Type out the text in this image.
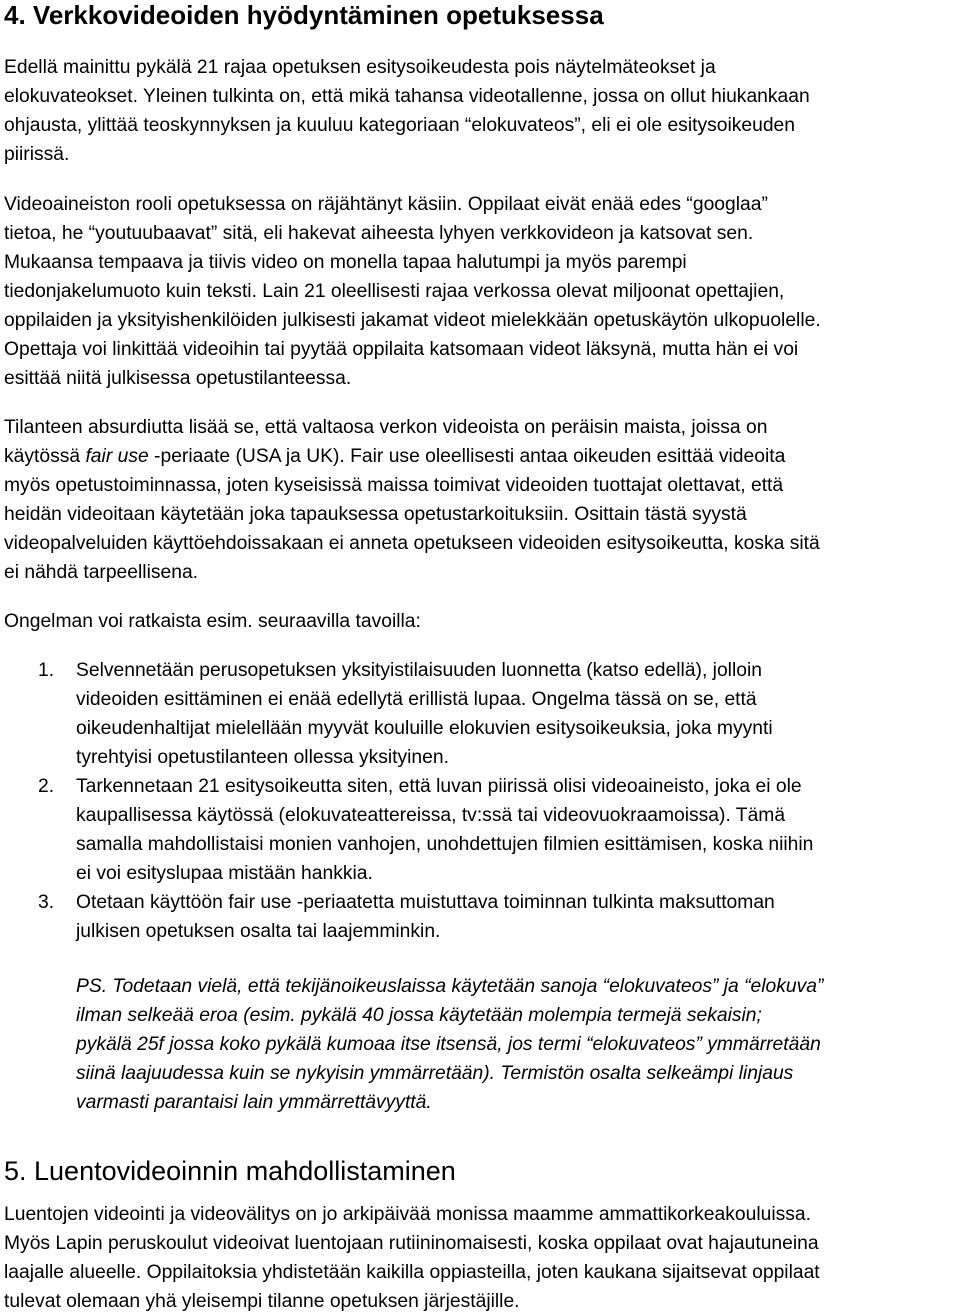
4. Verkkovideoiden hyödyntäminen opetuksessa
Edellä mainittu pykälä 21 rajaa opetuksen esitysoikeudesta pois näytelmäteokset ja
elokuvateokset. Yleinen tulkinta on, että mikä tahansa videotallenne, jossa on ollut hiukankaan
ohjausta, ylittää teoskynnyksen ja kuuluu kategoriaan “elokuvateos”, eli ei ole esitysoikeuden
piirissä.
Videoaineiston rooli opetuksessa on räjähtänyt käsiin. Oppilaat eivät enää edes “googlaa”
tietoa, he “youtuubaavat” sitä, eli hakevat aiheesta lyhyen verkkovideon ja katsovat sen.
Mukaansa tempaava ja tiivis video on monella tapaa halutumpi ja myös parempi
tiedonjakelumuoto kuin teksti. Lain 21 oleellisesti rajaa verkossa olevat miljoonat opettajien,
oppilaiden ja yksityishenkilöiden julkisesti jakamat videot mielekkään opetuskäytön ulkopuolelle.
Opettaja voi linkittää videoihin tai pyytää oppilaita katsomaan videot läksynä, mutta hän ei voi
esittää niitä julkisessa opetustilanteessa.
Tilanteen absurdiutta lisää se, että valtaosa verkon videoista on peräisin maista, joissa on
käytössä fair use -periaate (USA ja UK). Fair use oleellisesti antaa oikeuden esittää videoita
myös opetustoiminnassa, joten kyseisissä maissa toimivat videoiden tuottajat olettavat, että
heidän videoitaan käytetään joka tapauksessa opetustarkoituksiin. Osittain tästä syystä
videopalveluiden käyttöehdoissakaan ei anneta opetukseen videoiden esitysoikeutta, koska sitä
ei nähdä tarpeellisena.
Ongelman voi ratkaista esim. seuraavilla tavoilla:
1. Selvennetään perusopetuksen yksityistilaisuuden luonnetta (katso edellä), jolloin
videoiden esittäminen ei enää edellytä erillistä lupaa. Ongelma tässä on se, että
oikeudenhaltijat mielellään myyvät kouluille elokuvien esitysoikeuksia, joka myynti
tyrehtyisi opetustilanteen ollessa yksityinen.
2. Tarkennetaan 21 esitysoikeutta siten, että luvan piirissä olisi videoaineisto, joka ei ole
kaupallisessa käytössä (elokuvateattereissa, tv:ssä tai videovuokraamoissa). Tämä
samalla mahdollistaisi monien vanhojen, unohdettujen filmien esittämisen, koska niihin
ei voi esityslupaa mistään hankkia.
3. Otetaan käyttöön fair use -periaatetta muistuttava toiminnan tulkinta maksuttoman
julkisen opetuksen osalta tai laajemminkin.
PS. Todetaan vielä, että tekijänoikeuslaissa käytetään sanoja “elokuvateos” ja “elokuva”
ilman selkeää eroa (esim. pykälä 40 jossa käytetään molempia termejä sekaisin;
pykälä 25f jossa koko pykälä kumoaa itse itsensä, jos termi “elokuvateos” ymmärretään
siinä laajuudessa kuin se nykyisin ymmärretään). Termistön osalta selkeämpi linjaus
varmasti parantaisi lain ymmärrettävyyttä.
5. Luentovideoinnin mahdollistaminen
Luentojen videointi ja videovälitys on jo arkipäivää monissa maamme ammattikorkeakouluissa.
Myös Lapin peruskoulut videoivat luentojaan rutiininomaisesti, koska oppilaat ovat hajautuneina
laajalle alueelle. Oppilaitoksia yhdistetään kaikilla oppiasteilla, joten kaukana sijaitsevat oppilaat
tulevat olemaan yhä yleisempi tilanne opetuksen järjestäjille.
